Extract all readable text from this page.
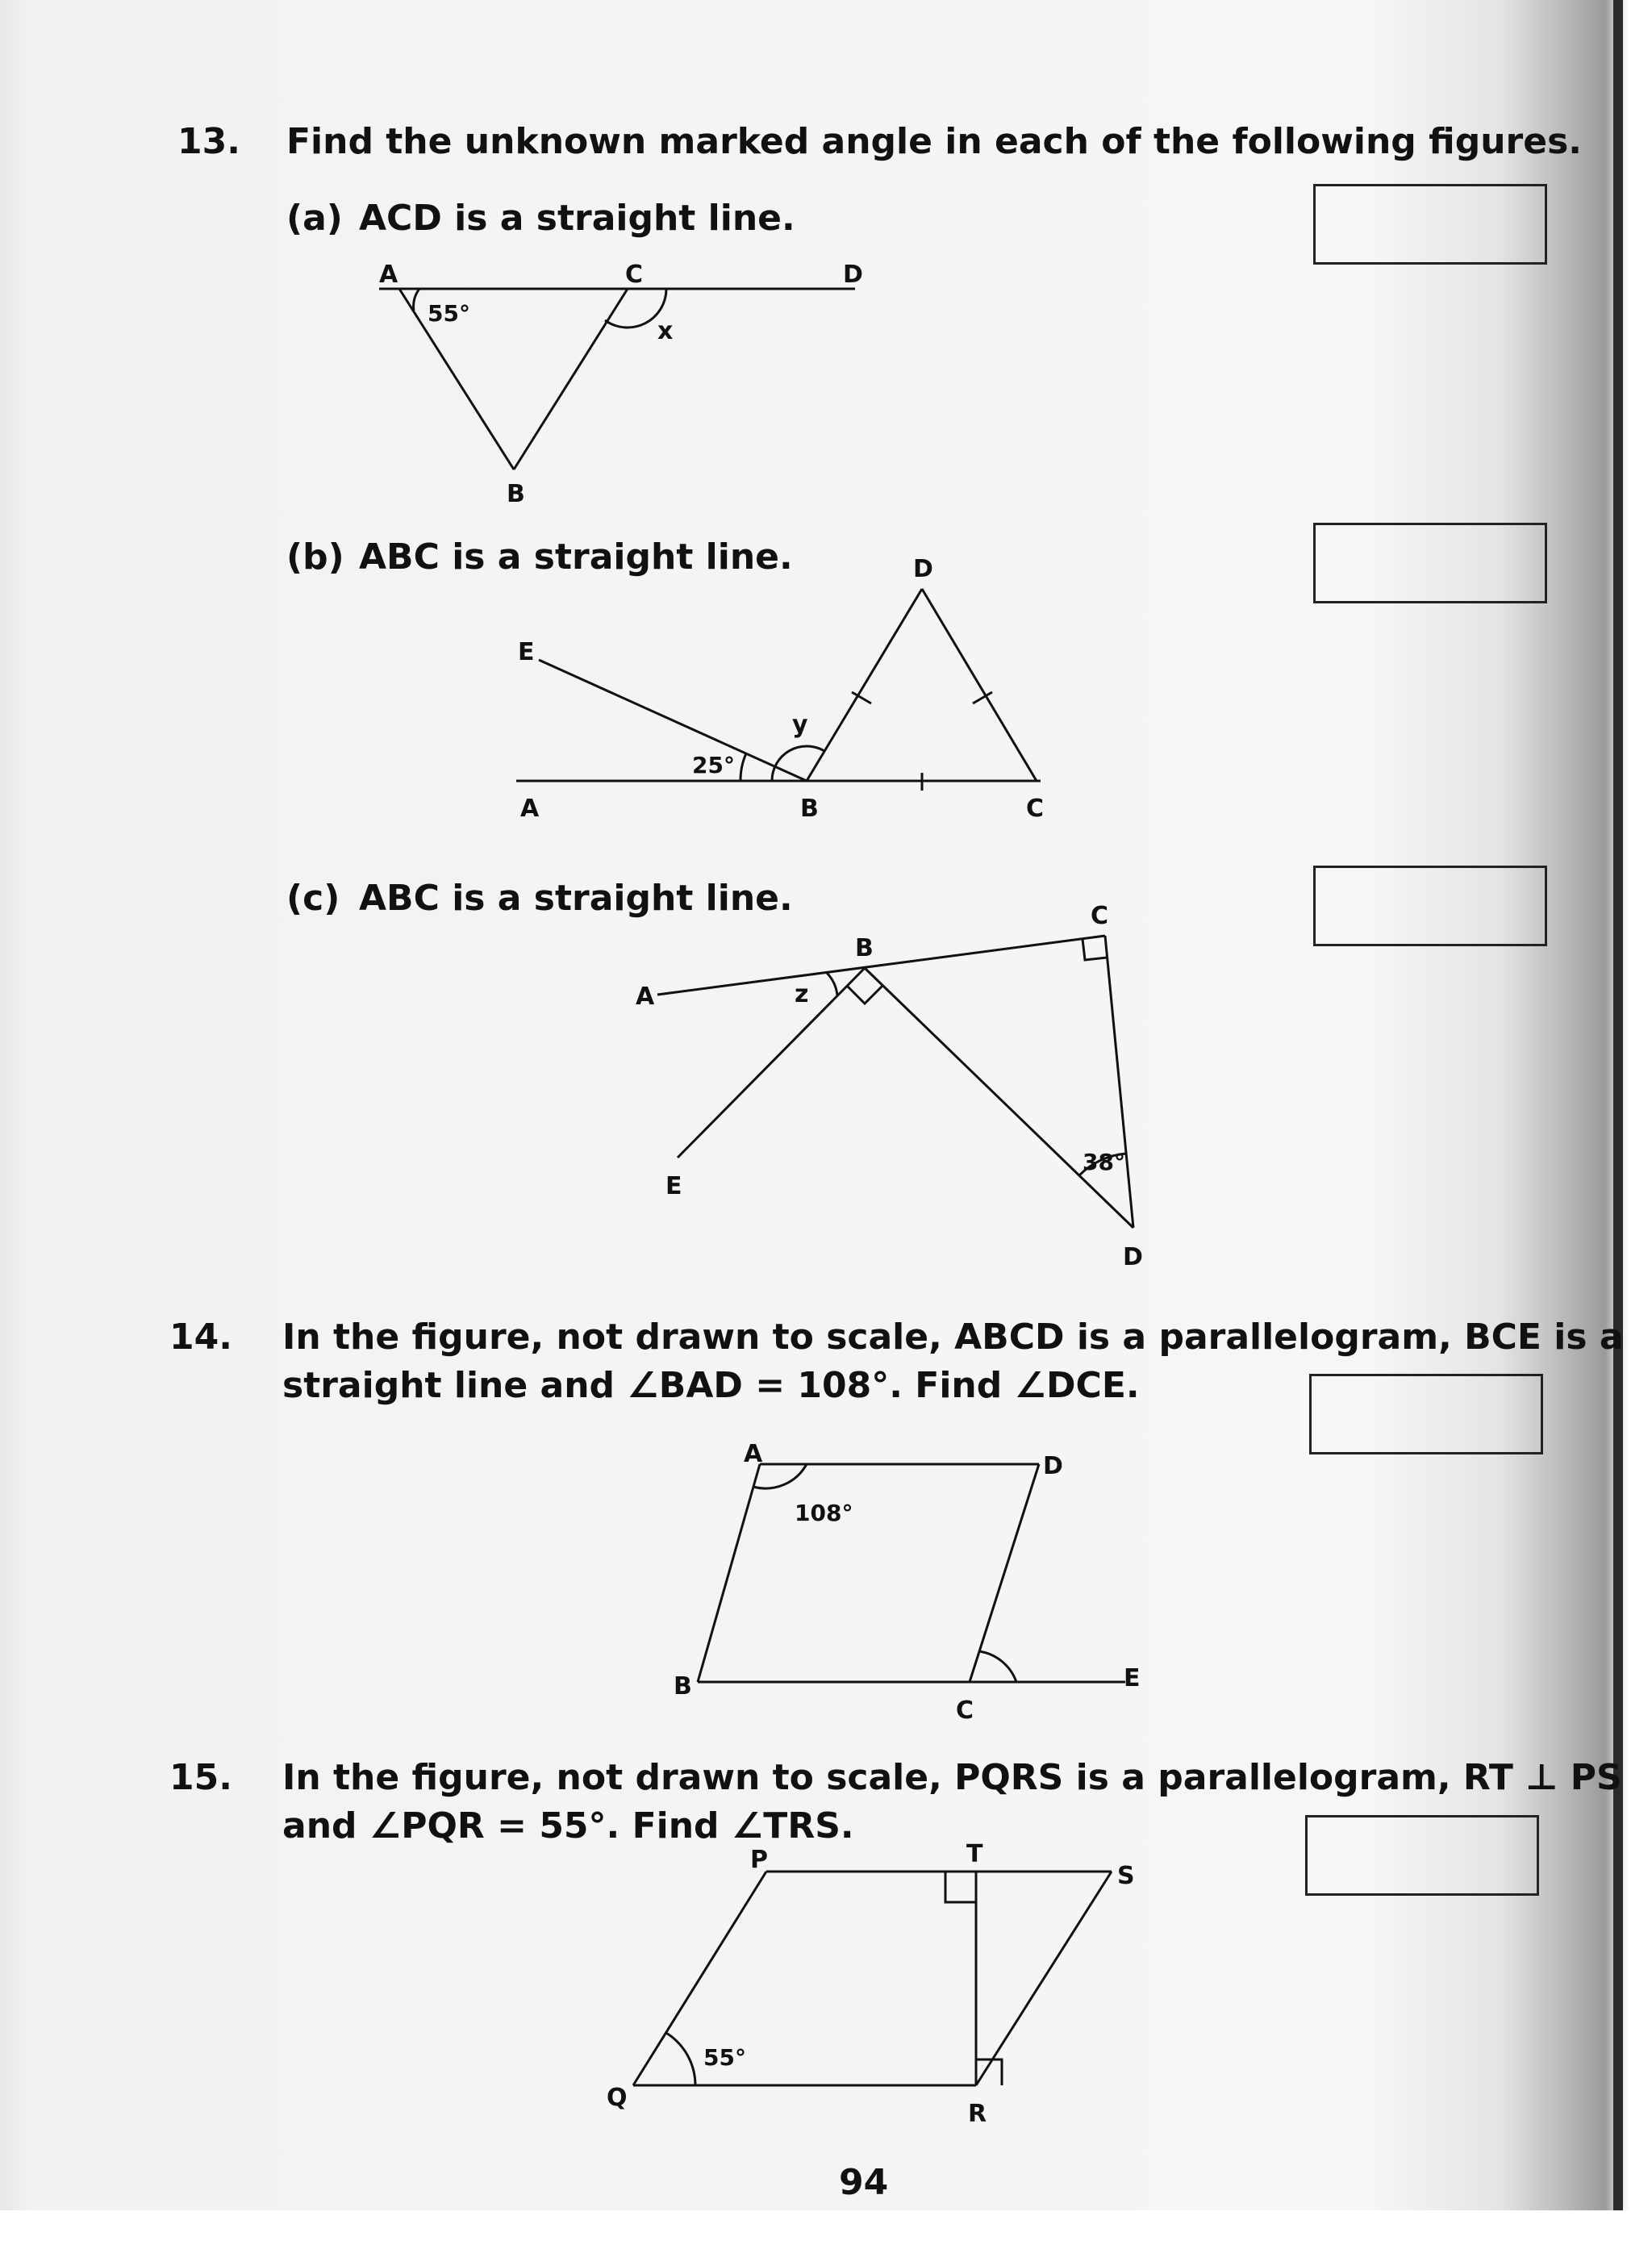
13. Find the unknown marked angle in each of the following figures.
(a) ACD is a straight line.
A	C	D
B
55°
x
(b) ABC is a straight line.
A	B	C
D
E
25°
y
(c) ABC is a straight line.
A
B
C
D
E
z
38°
14. In the figure, not drawn to scale, ABCD is a parallelogram, BCE is a
straight line and ∠BAD = 108°. Find ∠DCE.
A	D
B
C
E
108°
15. In the figure, not drawn to scale, PQRS is a parallelogram, RT ⊥ PS
and ∠PQR = 55°. Find ∠TRS.
P	T
S
Q
R
55°
94
